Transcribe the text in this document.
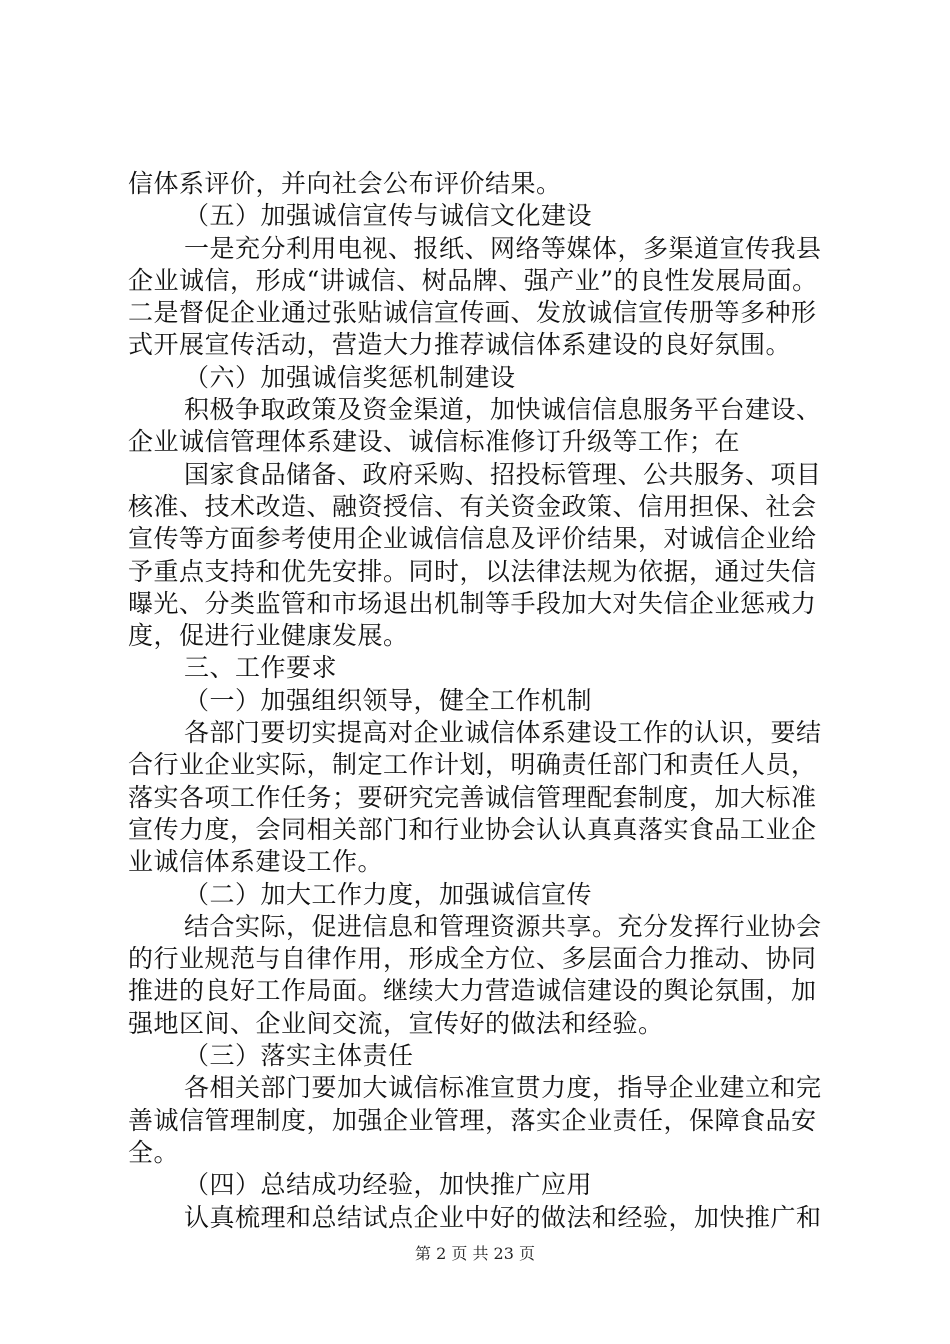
信体系评价，并向社会公布评价结果。
（五）加强诚信宣传与诚信文化建设
一是充分利用电视、报纸、网络等媒体，多渠道宣传我县
企业诚信，形成“讲诚信、树品牌、强产业”的良性发展局面。
二是督促企业通过张贴诚信宣传画、发放诚信宣传册等多种形
式开展宣传活动，营造大力推荐诚信体系建设的良好氛围。
（六）加强诚信奖惩机制建设
积极争取政策及资金渠道，加快诚信信息服务平台建设、
企业诚信管理体系建设、诚信标准修订升级等工作；在
国家食品储备、政府采购、招投标管理、公共服务、项目
核准、技术改造、融资授信、有关资金政策、信用担保、社会
宣传等方面参考使用企业诚信信息及评价结果，对诚信企业给
予重点支持和优先安排。同时，以法律法规为依据，通过失信
曝光、分类监管和市场退出机制等手段加大对失信企业惩戒力
度，促进行业健康发展。
三、工作要求
（一）加强组织领导，健全工作机制
各部门要切实提高对企业诚信体系建设工作的认识，要结
合行业企业实际，制定工作计划，明确责任部门和责任人员，
落实各项工作任务；要研究完善诚信管理配套制度，加大标准
宣传力度，会同相关部门和行业协会认认真真落实食品工业企
业诚信体系建设工作。
（二）加大工作力度，加强诚信宣传
结合实际，促进信息和管理资源共享。充分发挥行业协会
的行业规范与自律作用，形成全方位、多层面合力推动、协同
推进的良好工作局面。继续大力营造诚信建设的舆论氛围，加
强地区间、企业间交流，宣传好的做法和经验。
（三）落实主体责任
各相关部门要加大诚信标准宣贯力度，指导企业建立和完
善诚信管理制度，加强企业管理，落实企业责任，保障食品安
全。
（四）总结成功经验，加快推广应用
认真梳理和总结试点企业中好的做法和经验，加快推广和
第 2 页 共 23 页
